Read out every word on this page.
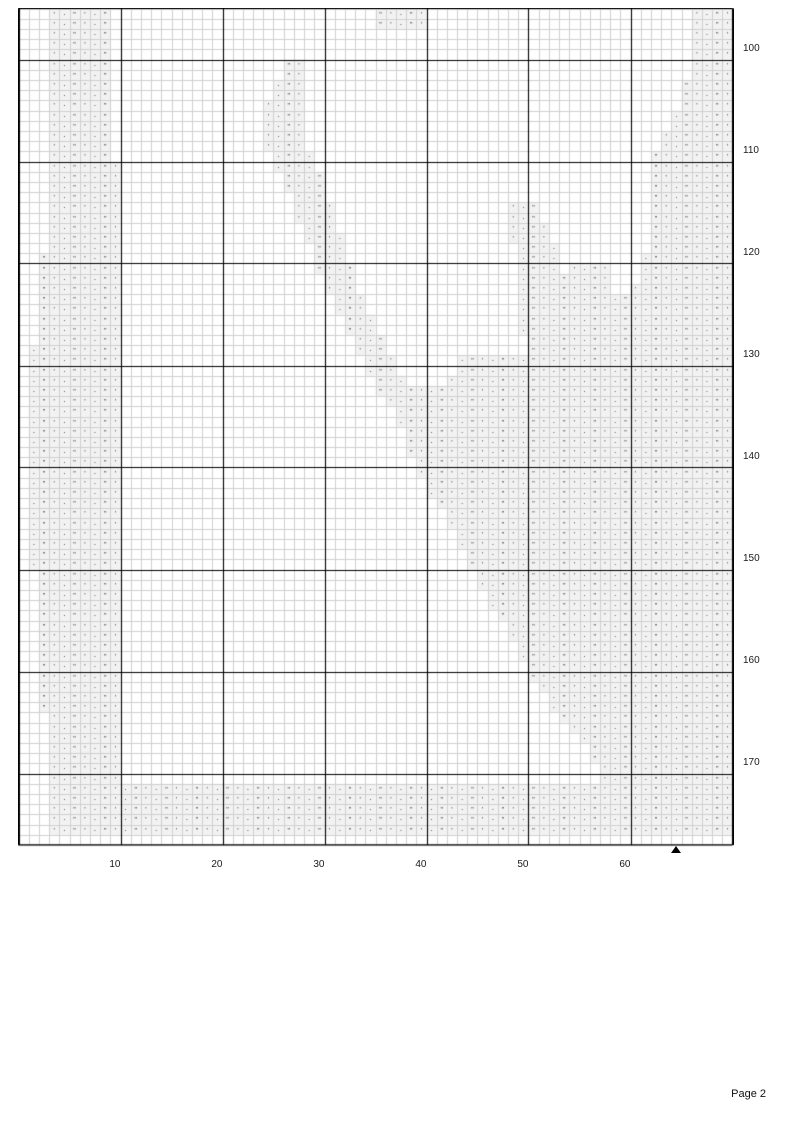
100
110
120
130
140
150
160
170
10	20	30	40	50	60
Page 2
